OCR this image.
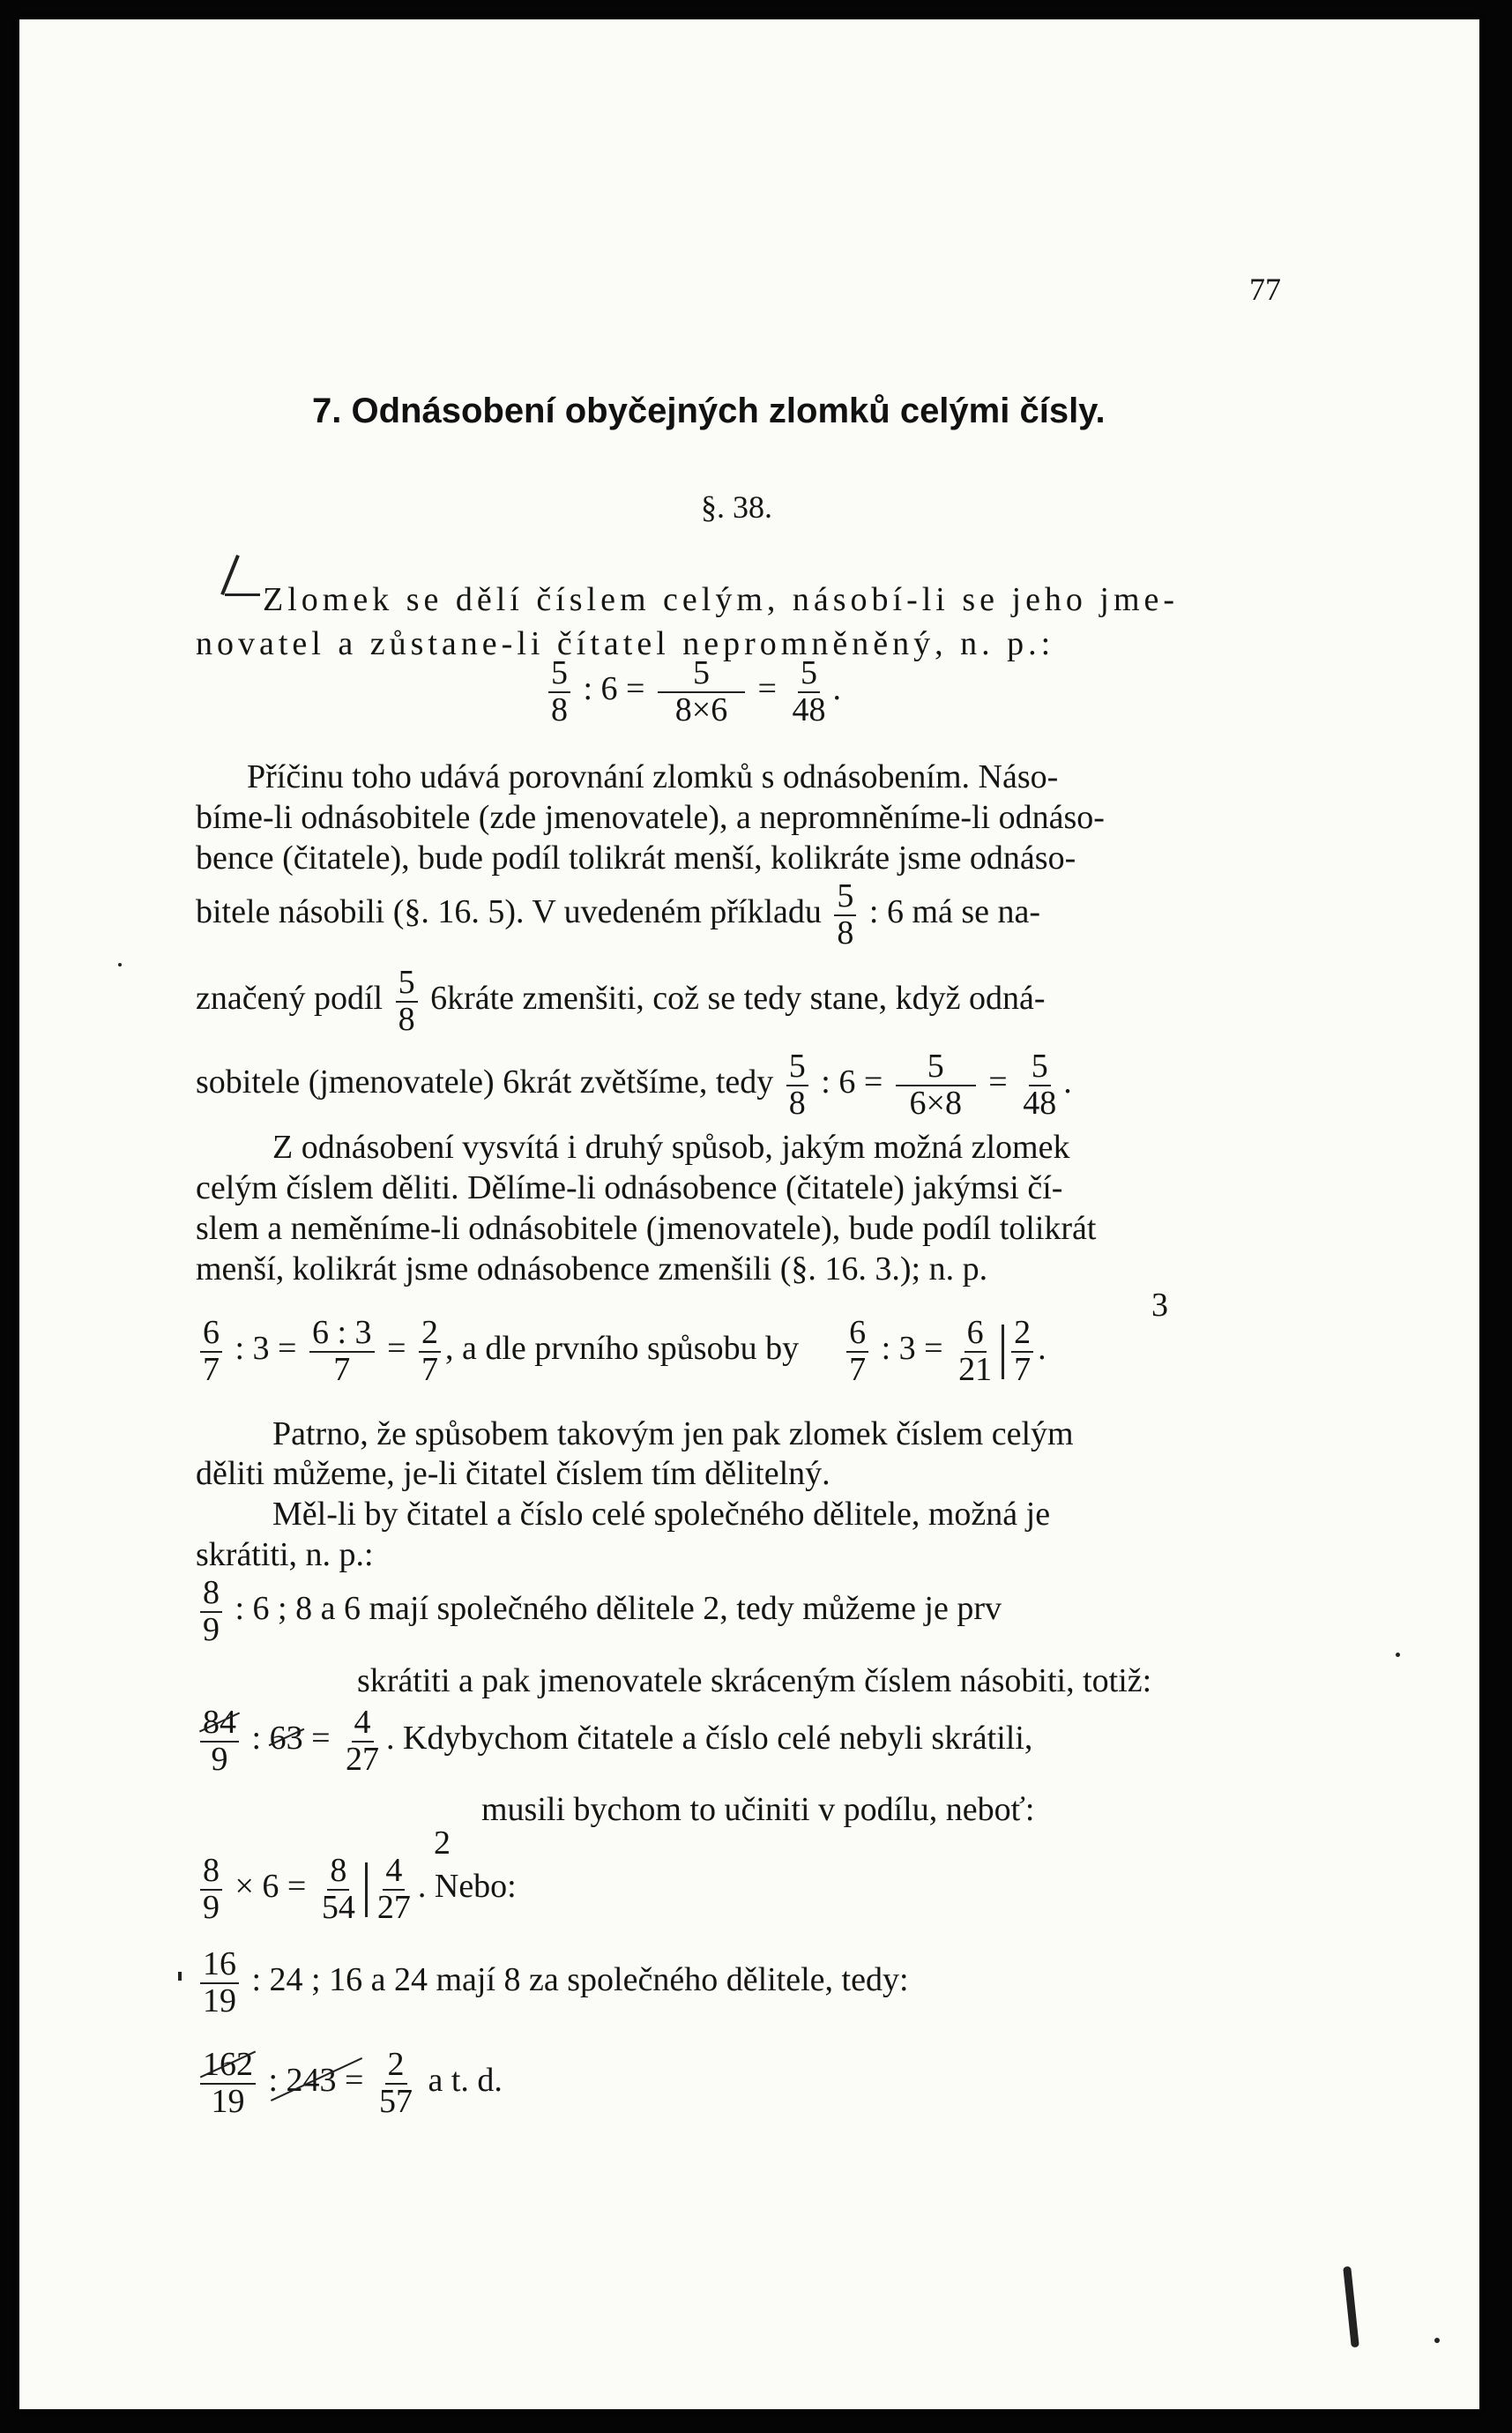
77
7. Odnásobení obyčejných zlomků celými čísly.
§. 38.
Zlomek se dělí číslem celým, násobí-li se jeho jme-
novatel a zůstane-li čítatel nepromněněný, n. p.:
$\frac{5}{8}$ : $6 = \frac{5}{8\times 6} = \frac{5}{48}$ .
Příčinu toho udává porovnání zlomků s odnásobením. Náso-
bíme-li odnásobitele (zde jmenovatele), a nepromněníme-li odnáso-
bence (čitatele), bude podíl tolikrát menší, kolikráte jsme odnáso-
bitele násobili (§. 16. 5). V uvedeném příkladu $\frac{5}{8}$ : 6 má se na-
značený podíl $\frac{5}{8}$ 6kráte zmenšiti, což se tedy stane, když odná-
sobitele (jmenovatele) 6krát zvětšíme, tedy $\frac{5}{8}$ : $6 = \frac{5}{6\times 8} = \frac{5}{48}$ .
Z odnásobení vysvítá i druhý spůsob, jakým možná zlomek
celým číslem děliti. Dělíme-li odnásobence (čitatele) jakýmsi čí-
slem a neměníme-li odnásobitele (jmenovatele), bude podíl tolikrát
menší, kolikrát jsme odnásobence zmenšili (§. 16. 3.); n. p.
3
$\frac{6}{7}$ : $3 = \frac{6 : 3}{7} = \frac{2}{7}$ , a dle prvního spůsobu by $\frac{6}{7}$ : $3 = \frac{6}{21} \frac{2}{7}$ .
Patrno, že spůsobem takovým jen pak zlomek číslem celým
děliti můžeme, je-li čitatel číslem tím dělitelný.
Měl-li by čitatel a číslo celé společného dělitele, možná je
skrátiti, n. p.:
$\frac{8}{9}$ : 6 ; 8 a 6 mají společného dělitele 2, tedy můžeme je prv
skrátiti a pak jmenovatele skráceným číslem násobiti, totiž:
$\frac{84}{9}$ : $63 = \frac{4}{27}$ . Kdybychom čitatele a číslo celé nebyli skrátili,
musili bychom to učiniti v podílu, neboť:
2
$\frac{8}{9} \times 6 = \frac{8}{54} \frac{4}{27}$ . Nebo:
$\frac{16}{19}$ : 24 ; 16 a 24 mají 8 za společného dělitele, tedy:
$\frac{162}{19}$ : $243 = \frac{2}{57}$ a t. d.
